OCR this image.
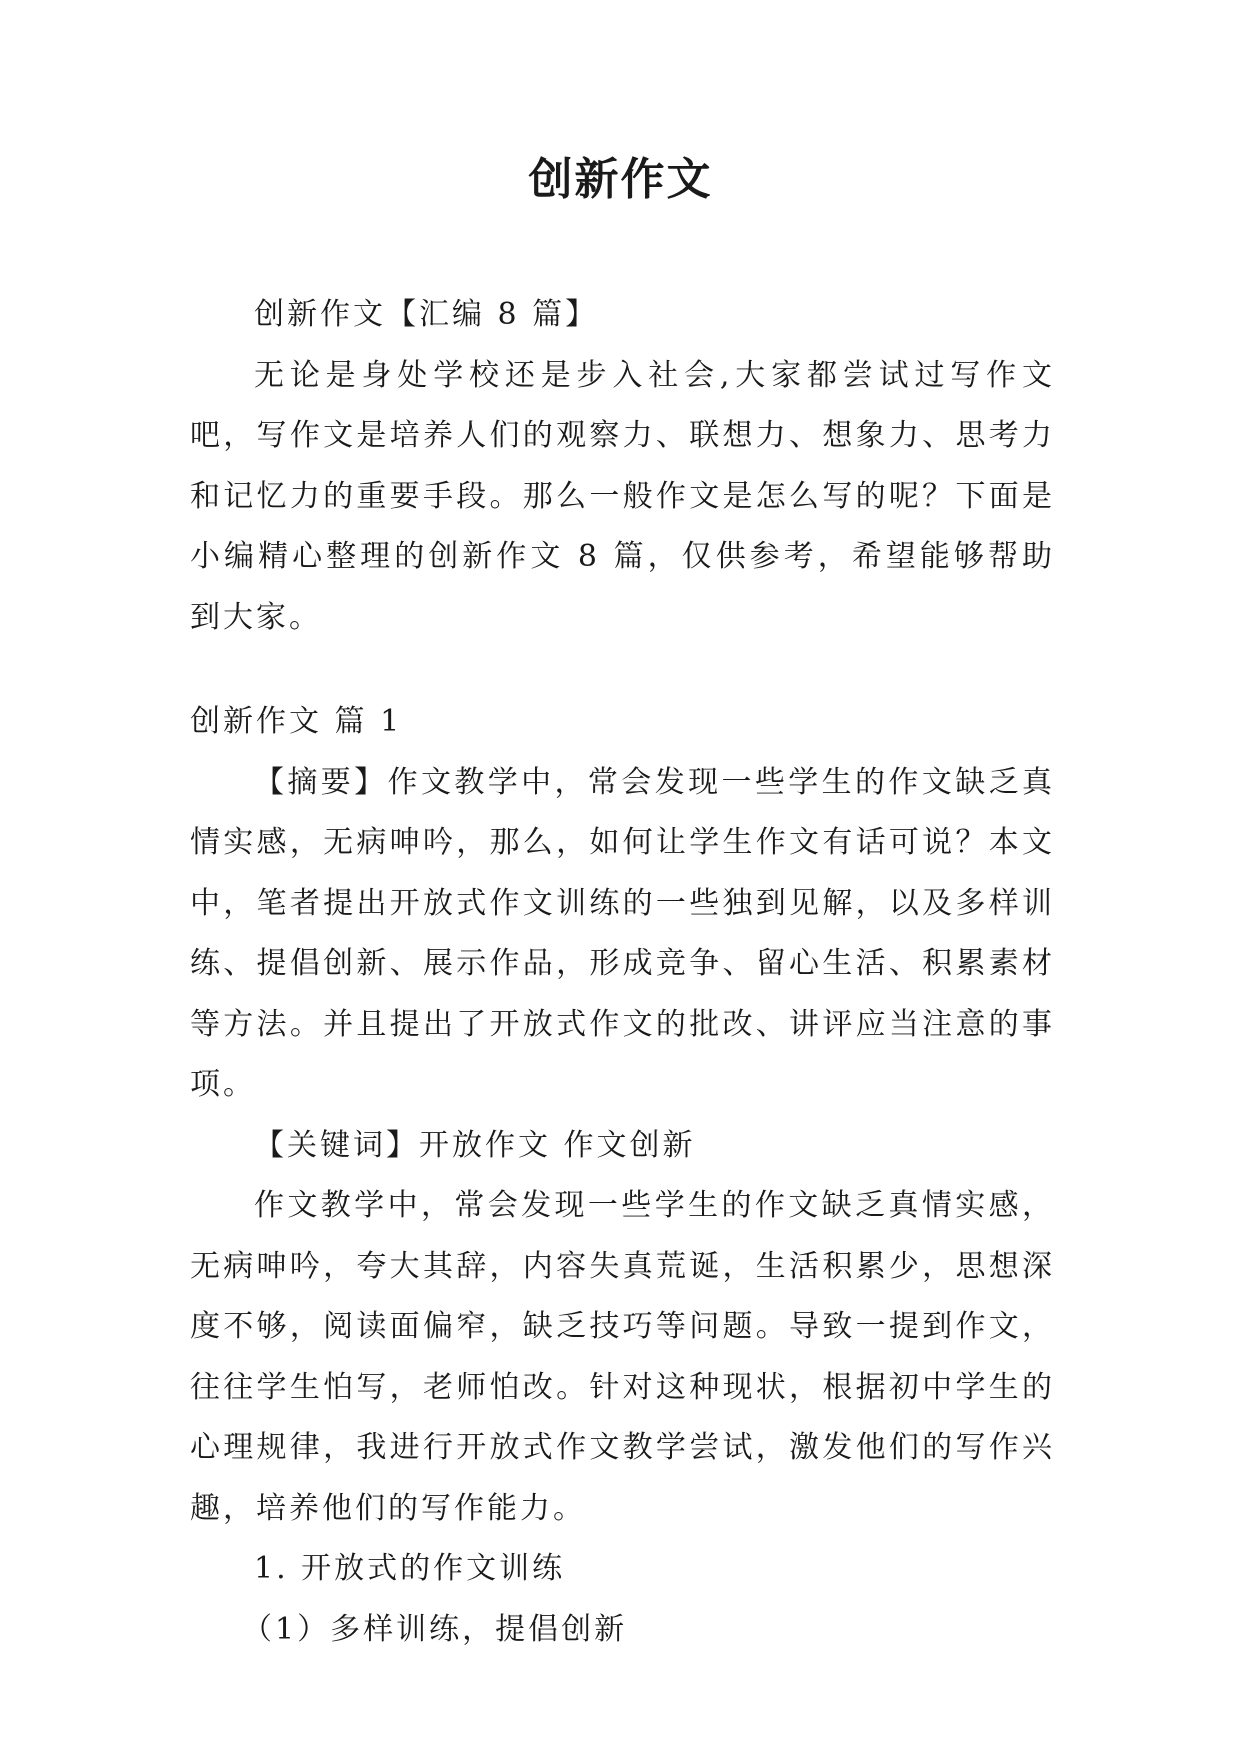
创新作文

创新作文【汇编 8 篇】

无论是身处学校还是步入社会,大家都尝试过写作文吧，写作文是培养人们的观察力、联想力、想象力、思考力和记忆力的重要手段。那么一般作文是怎么写的呢？下面是小编精心整理的创新作文 8 篇，仅供参考，希望能够帮助到大家。

创新作文 篇 1

【摘要】作文教学中，常会发现一些学生的作文缺乏真情实感，无病呻吟，那么，如何让学生作文有话可说？本文中，笔者提出开放式作文训练的一些独到见解，以及多样训练、提倡创新、展示作品，形成竞争、留心生活、积累素材等方法。并且提出了开放式作文的批改、讲评应当注意的事项。

【关键词】开放作文 作文创新

作文教学中，常会发现一些学生的作文缺乏真情实感，无病呻吟，夸大其辞，内容失真荒诞，生活积累少，思想深度不够，阅读面偏窄，缺乏技巧等问题。导致一提到作文，往往学生怕写，老师怕改。针对这种现状，根据初中学生的心理规律，我进行开放式作文教学尝试，激发他们的写作兴趣，培养他们的写作能力。

1. 开放式的作文训练

（1）多样训练，提倡创新
